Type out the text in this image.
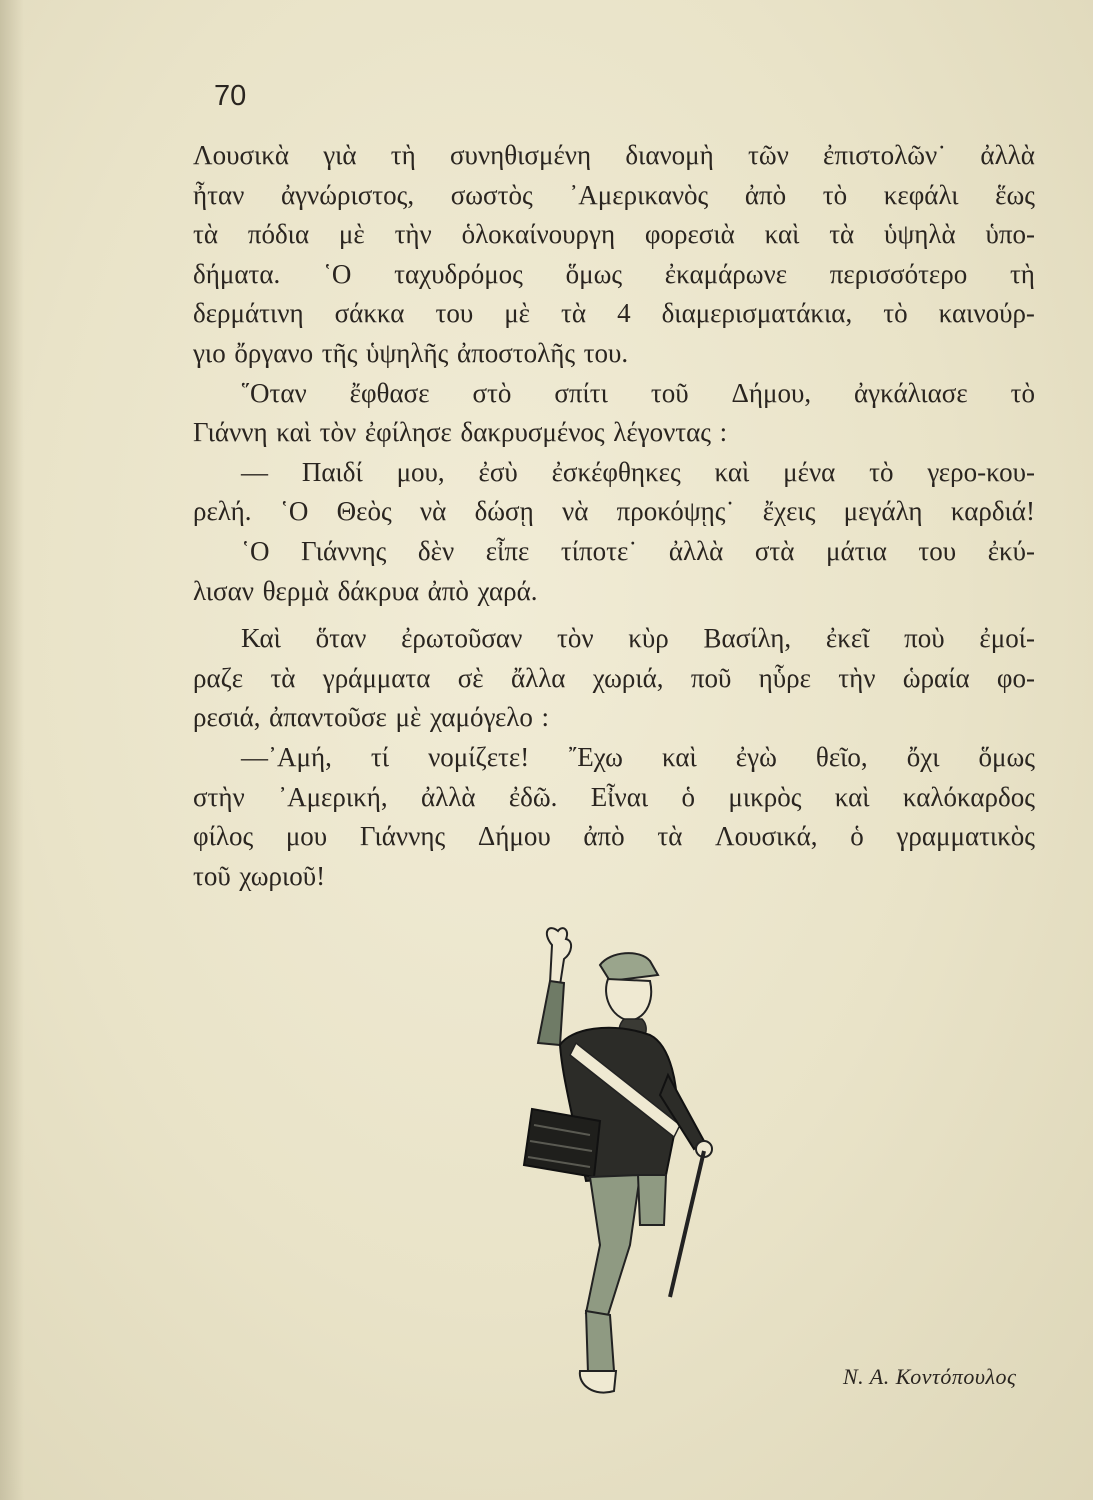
70
Λουσικὰ γιὰ τὴ συνηθισμένη διανομὴ τῶν ἐπιστολῶν˙ ἀλλὰ
ἦταν ἀγνώριστος, σωστὸς ᾿Αμερικανὸς ἀπὸ τὸ κεφάλι ἕως
τὰ πόδια μὲ τὴν ὁλοκαίνουργη φορεσιὰ καὶ τὰ ὑψηλὰ ὑπο-
δήματα. ῾Ο ταχυδρόμος ὅμως ἐκαμάρωνε περισσότερο τὴ
δερμάτινη σάκκα του μὲ τὰ 4 διαμερισματάκια, τὸ καινούρ-
γιο ὄργανο τῆς ὑψηλῆς ἀποστολῆς του.
῞Οταν ἔφθασε στὸ σπίτι τοῦ Δήμου, ἀγκάλιασε τὸ
Γιάννη καὶ τὸν ἐφίλησε δακρυσμένος λέγοντας :
— Παιδί μου, ἐσὺ ἐσκέφθηκες καὶ μένα τὸ γερο-κου-
ρελή. ῾Ο Θεὸς νὰ δώσῃ νὰ προκόψῃς˙ ἔχεις μεγάλη καρδιά!
῾Ο Γιάννης δὲν εἶπε τίποτε˙ ἀλλὰ στὰ μάτια του ἐκύ-
λισαν θερμὰ δάκρυα ἀπὸ χαρά.
Καὶ ὅταν ἐρωτοῦσαν τὸν κὺρ Βασίλη, ἐκεῖ ποὺ ἐμοί-
ραζε τὰ γράμματα σὲ ἄλλα χωριά, ποῦ ηὗρε τὴν ὡραία φο-
ρεσιά, ἀπαντοῦσε μὲ χαμόγελο :
—᾿Αμή, τί νομίζετε! ῎Εχω καὶ ἐγὼ θεῖο, ὄχι ὅμως
στὴν ᾿Αμερική, ἀλλὰ ἐδῶ. Εἶναι ὁ μικρὸς καὶ καλόκαρδος
φίλος μου Γιάννης Δήμου ἀπὸ τὰ Λουσικά, ὁ γραμματικὸς
τοῦ χωριοῦ!
Ν. Α. Κοντόπουλος
